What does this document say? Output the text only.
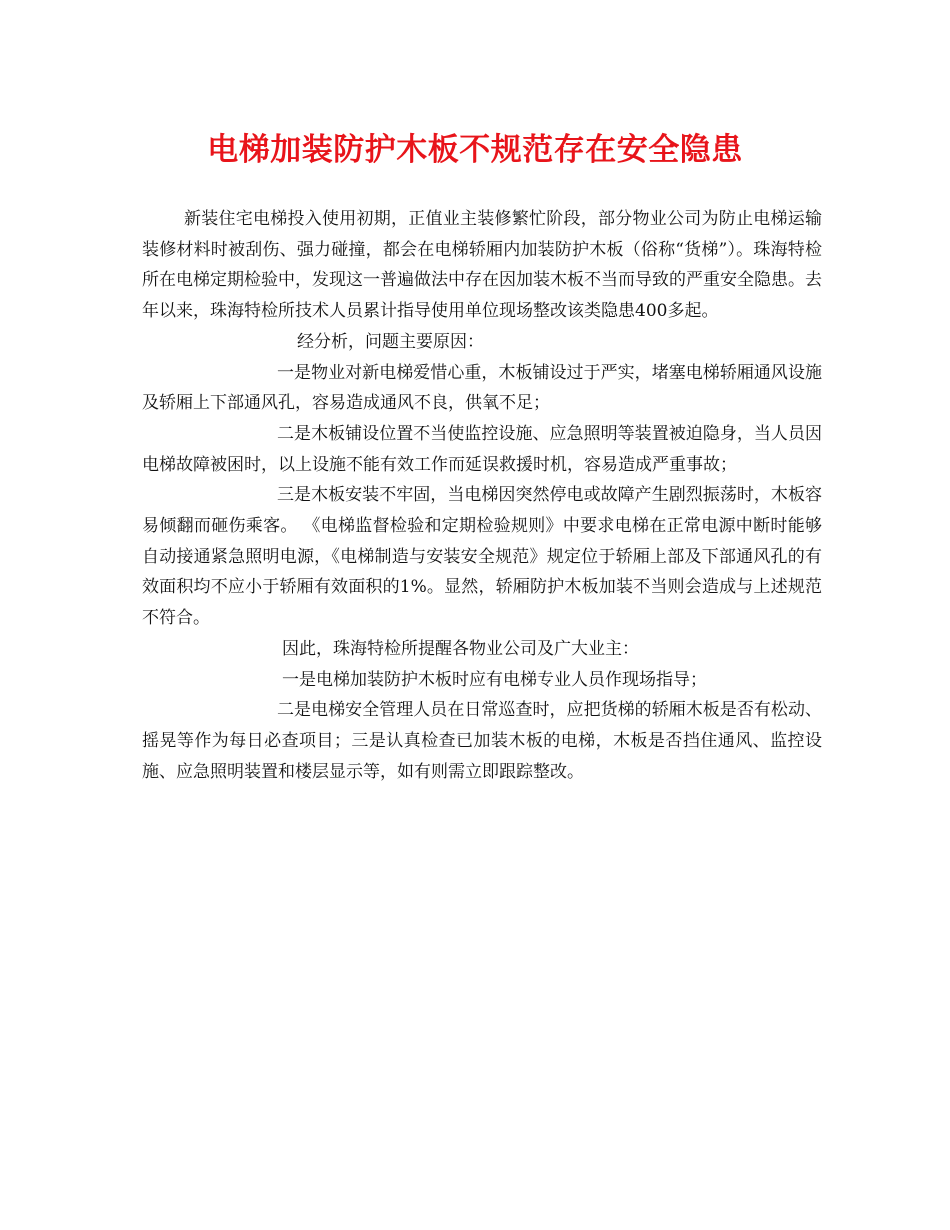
电梯加装防护木板不规范存在安全隐患

新装住宅电梯投入使用初期，正值业主装修繁忙阶段，部分物业公司为防止电梯运输装修材料时被刮伤、强力碰撞，都会在电梯轿厢内加装防护木板（俗称“货梯”）。珠海特检所在电梯定期检验中，发现这一普遍做法中存在因加装木板不当而导致的严重安全隐患。去年以来，珠海特检所技术人员累计指导使用单位现场整改该类隐患400多起。

经分析，问题主要原因：

一是物业对新电梯爱惜心重，木板铺设过于严实，堵塞电梯轿厢通风设施及轿厢上下部通风孔，容易造成通风不良，供氧不足；

二是木板铺设位置不当使监控设施、应急照明等装置被迫隐身，当人员因电梯故障被困时，以上设施不能有效工作而延误救援时机，容易造成严重事故；

三是木板安装不牢固，当电梯因突然停电或故障产生剧烈振荡时，木板容易倾翻而砸伤乘客。 《电梯监督检验和定期检验规则》中要求电梯在正常电源中断时能够自动接通紧急照明电源，《电梯制造与安装安全规范》规定位于轿厢上部及下部通风孔的有效面积均不应小于轿厢有效面积的1%。显然，轿厢防护木板加装不当则会造成与上述规范不符合。

因此，珠海特检所提醒各物业公司及广大业主：

一是电梯加装防护木板时应有电梯专业人员作现场指导；

二是电梯安全管理人员在日常巡查时，应把货梯的轿厢木板是否有松动、摇晃等作为每日必查项目；三是认真检查已加装木板的电梯，木板是否挡住通风、监控设施、应急照明装置和楼层显示等，如有则需立即跟踪整改。
